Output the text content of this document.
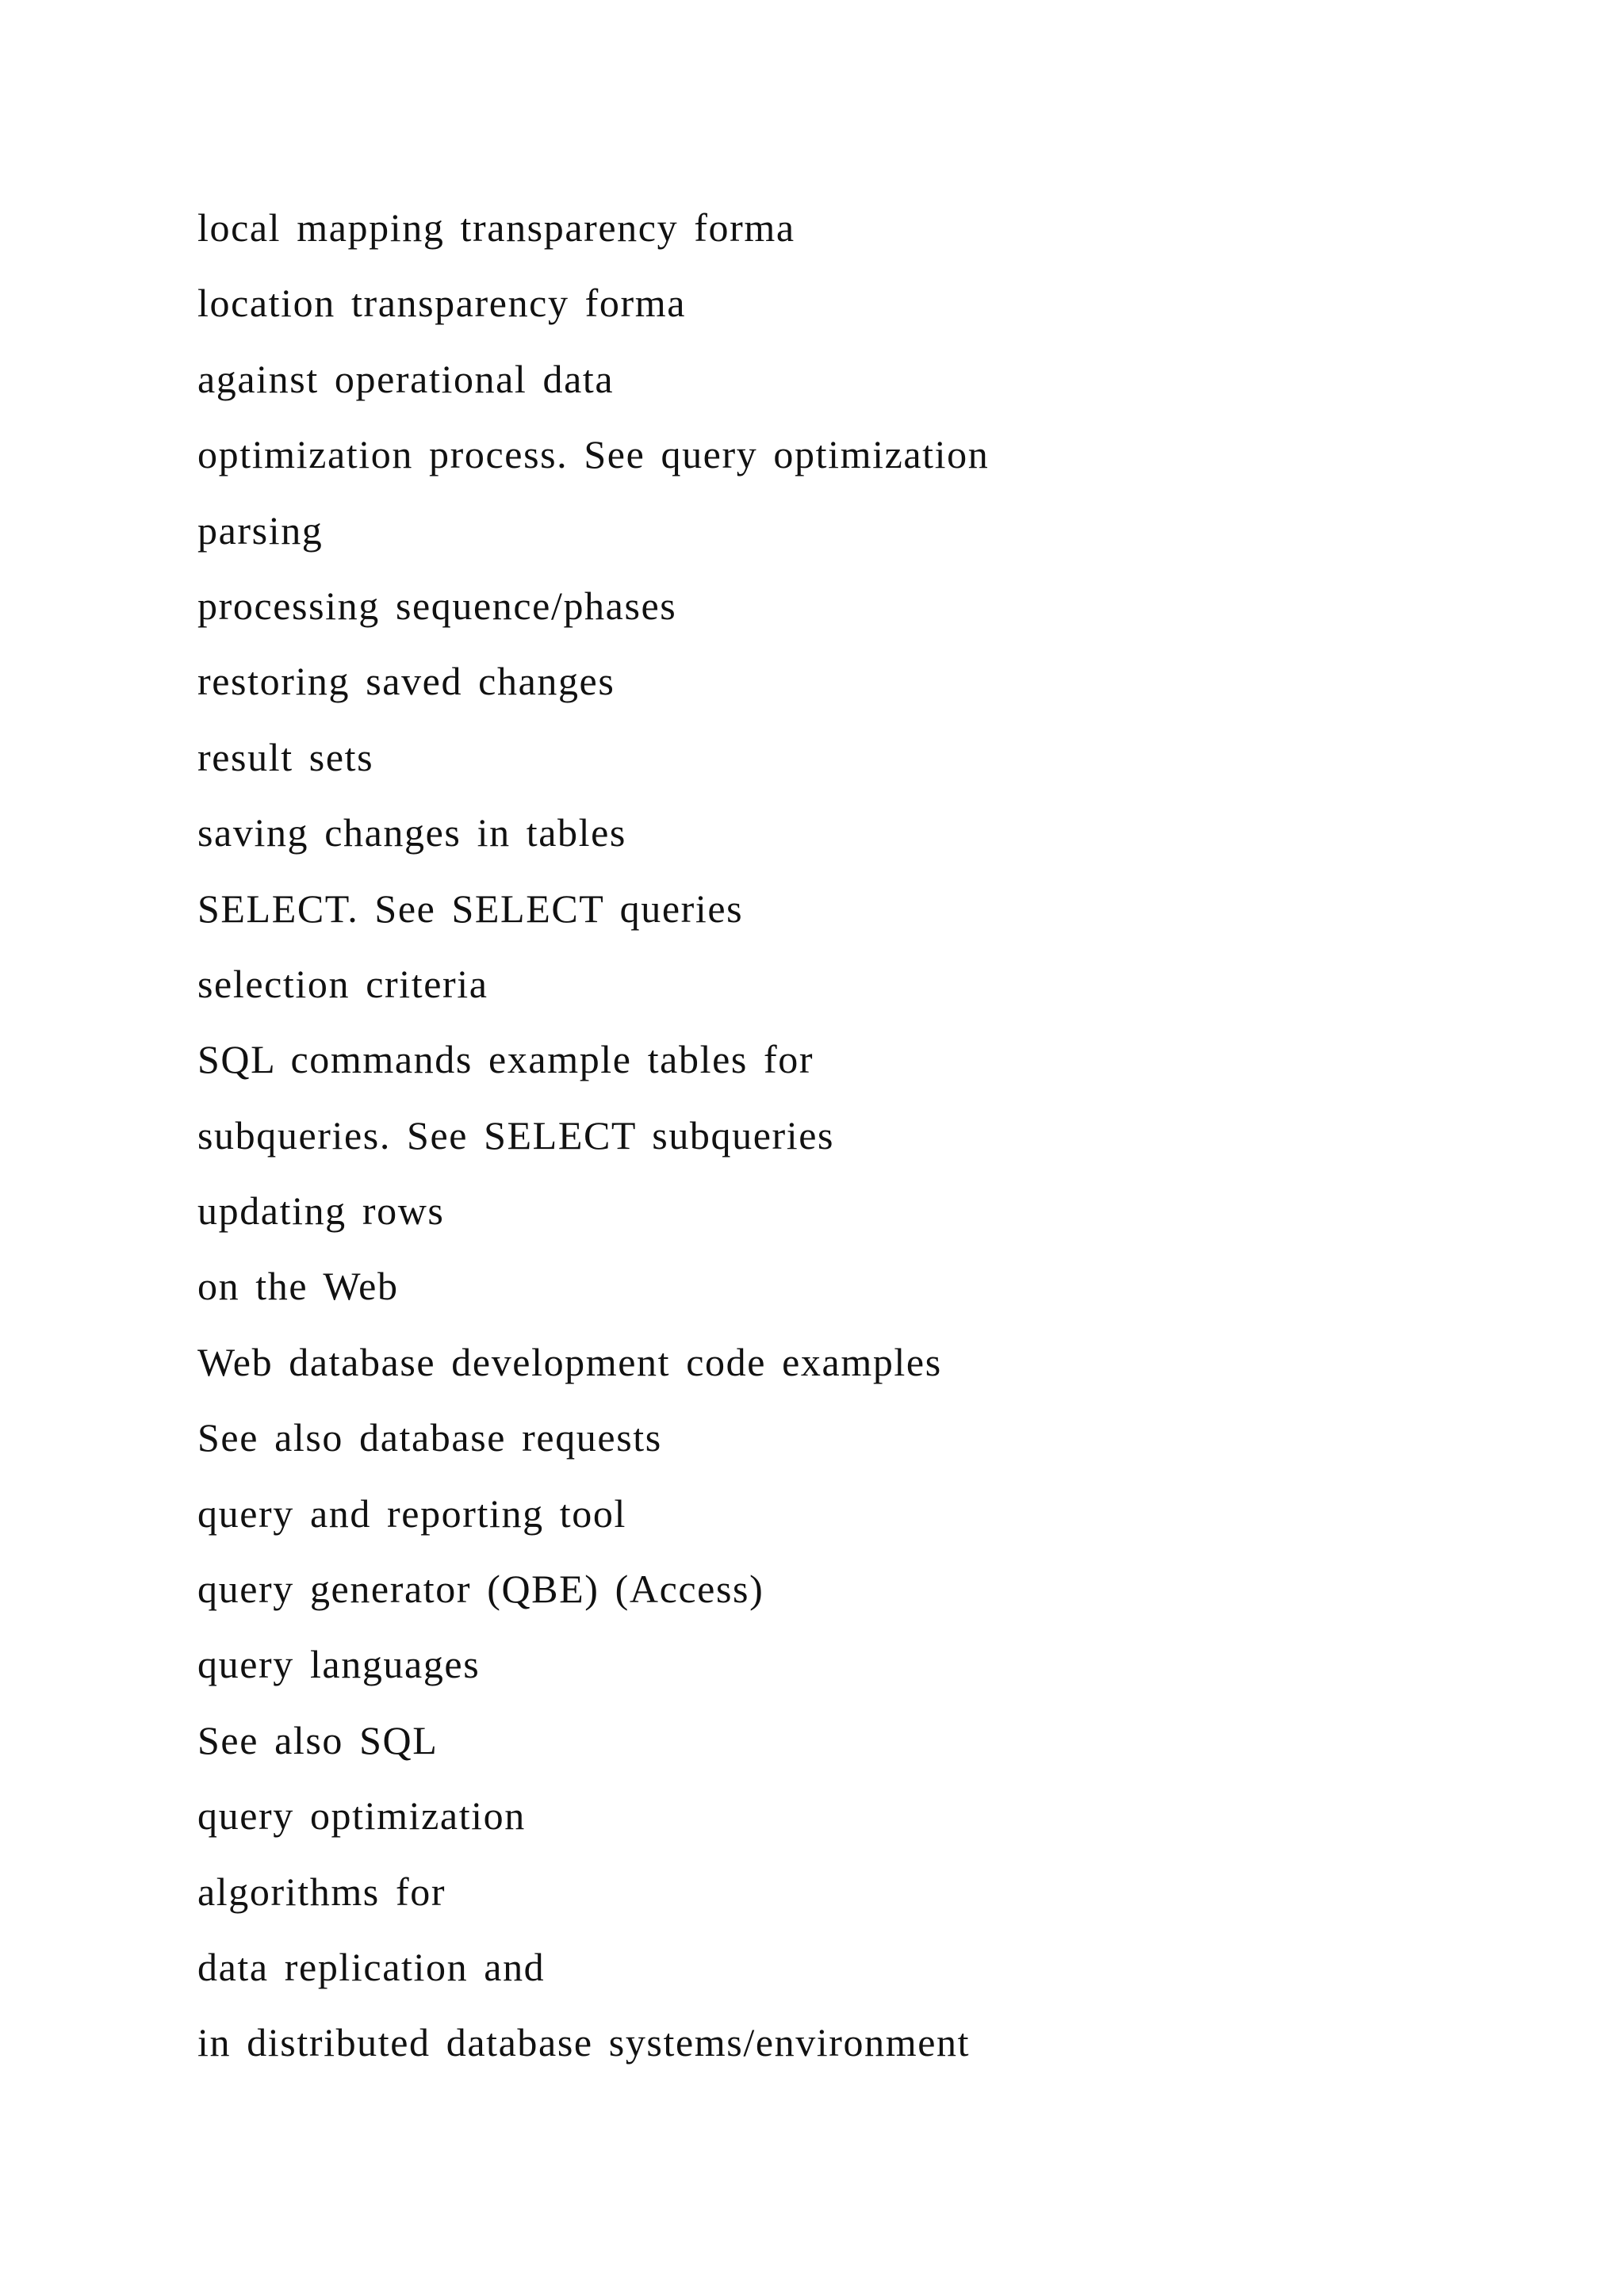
local mapping transparency forma
location transparency forma
against operational data
optimization process. See query optimization
parsing
processing sequence/phases
restoring saved changes
result sets
saving changes in tables
SELECT. See SELECT queries
selection criteria
SQL commands example tables for
subqueries. See SELECT subqueries
updating rows
on the Web
Web database development code examples
See also database requests
query and reporting tool
query generator (QBE) (Access)
query languages
See also SQL
query optimization
algorithms for
data replication and
in distributed database systems/environment
